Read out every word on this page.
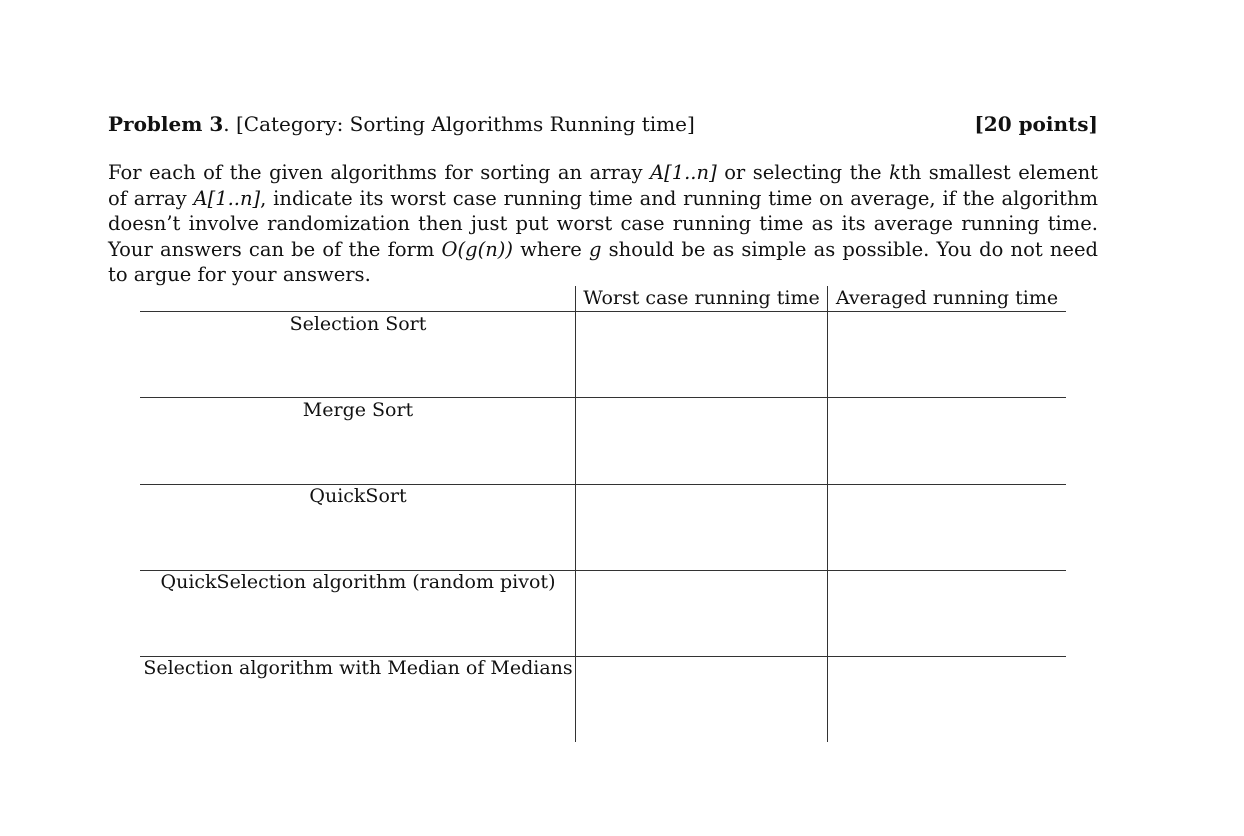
Problem 3. [Category: Sorting Algorithms Running time]	[20 points]
For each of the given algorithms for sorting an array A[1..n] or selecting the kth smallest element of array A[1..n], indicate its worst case running time and running time on average, if the algorithm doesn’t involve randomization then just put worst case running time as its average running time. Your answers can be of the form O(g(n)) where g should be as simple as possible. You do not need to argue for your answers.
Worst case running time Averaged running time
Selection Sort
Merge Sort
QuickSort
QuickSelection algorithm (random pivot)
Selection algorithm with Median of Medians
